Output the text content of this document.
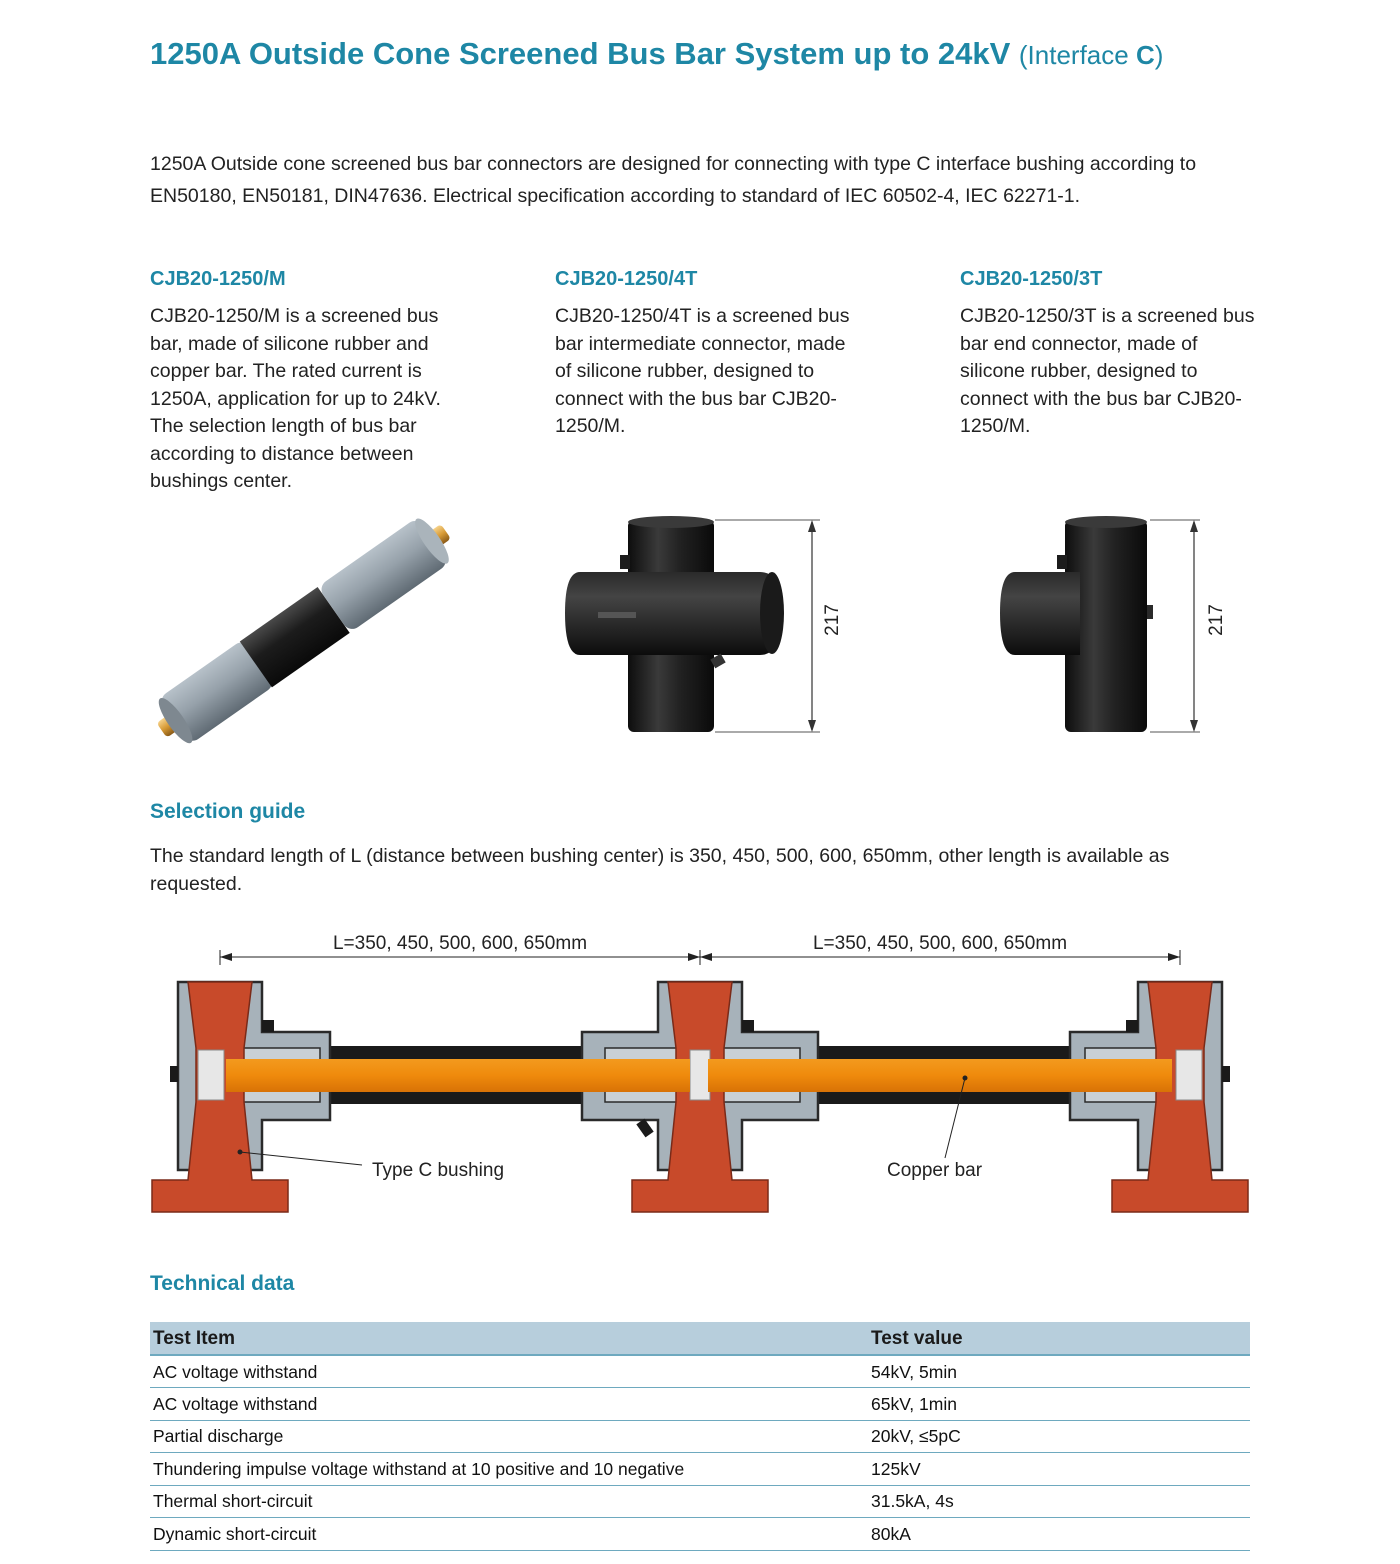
1250A Outside Cone Screened Bus Bar System up to 24kV (Interface C)

1250A Outside cone screened bus bar connectors are designed for connecting with type C interface bushing according to EN50180, EN50181, DIN47636. Electrical specification according to standard of IEC 60502-4, IEC 62271-1.

CJB20-1250/M

CJB20-1250/M is a screened bus bar, made of silicone rubber and copper bar. The rated current is 1250A, application for up to 24kV. The selection length of bus bar according to distance between bushings center.

CJB20-1250/4T

CJB20-1250/4T is a screened bus bar intermediate connector, made of silicone rubber, designed to connect with the bus bar CJB20-1250/M.

CJB20-1250/3T

CJB20-1250/3T is a screened bus bar end connector, made of silicone rubber, designed to connect with the bus bar CJB20-1250/M.

217	217
Selection guide

The standard length of L (distance between bushing center) is 350, 450, 500, 600, 650mm, other length is available as requested.

L=350, 450, 500, 600, 650mm	L=350, 450, 500, 600, 650mm
Type C bushing	Copper bar
Technical data
Test Item	Test value
AC voltage withstand	54kV, 5min
AC voltage withstand	65kV, 1min
Partial discharge	20kV, ≤5pC
Thundering impulse voltage withstand at 10 positive and 10 negative	125kV
Thermal short-circuit	31.5kA, 4s
Dynamic short-circuit	80kA
